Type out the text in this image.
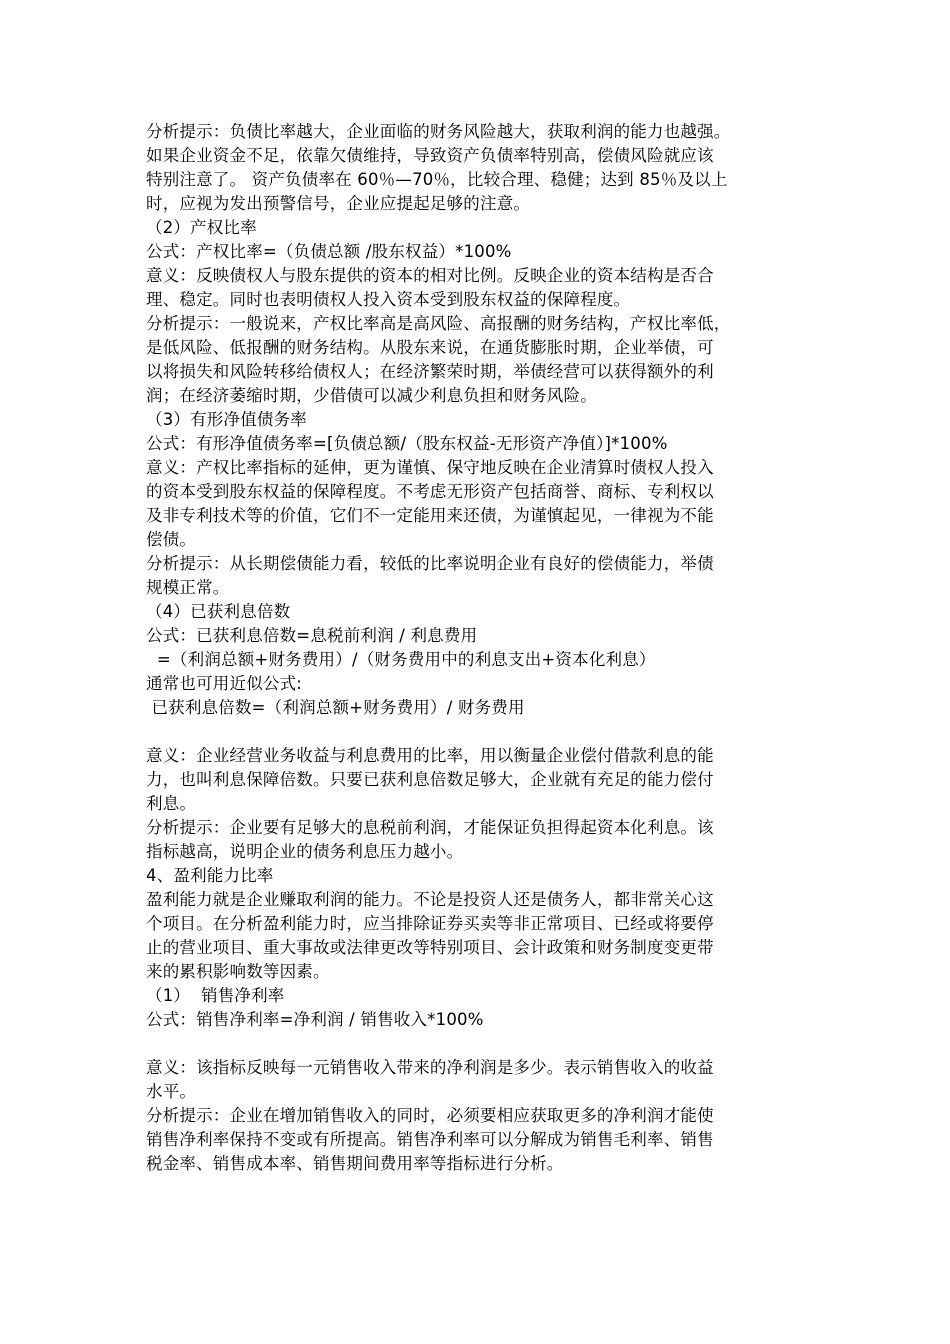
分析提示：负债比率越大，企业面临的财务风险越大，获取利润的能力也越强。
如果企业资金不足，依靠欠债维持，导致资产负债率特别高，偿债风险就应该
特别注意了。 资产负债率在 60％—70％，比较合理、稳健；达到 85％及以上
时，应视为发出预警信号，企业应提起足够的注意。
（2）产权比率
公式：产权比率=（负债总额 /股东权益）*100%
意义：反映债权人与股东提供的资本的相对比例。反映企业的资本结构是否合
理、稳定。同时也表明债权人投入资本受到股东权益的保障程度。
分析提示：一般说来，产权比率高是高风险、高报酬的财务结构，产权比率低，
是低风险、低报酬的财务结构。从股东来说，在通货膨胀时期，企业举债，可
以将损失和风险转移给债权人；在经济繁荣时期，举债经营可以获得额外的利
润；在经济萎缩时期，少借债可以减少利息负担和财务风险。
（3）有形净值债务率
公式：有形净值债务率=[负债总额/（股东权益-无形资产净值）]*100%
意义：产权比率指标的延伸，更为谨慎、保守地反映在企业清算时债权人投入
的资本受到股东权益的保障程度。不考虑无形资产包括商誉、商标、专利权以
及非专利技术等的价值，它们不一定能用来还债，为谨慎起见，一律视为不能
偿债。
分析提示：从长期偿债能力看，较低的比率说明企业有良好的偿债能力，举债
规模正常。
（4）已获利息倍数
公式：已获利息倍数=息税前利润 / 利息费用
=（利润总额+财务费用）/（财务费用中的利息支出+资本化利息）
通常也可用近似公式:
已获利息倍数=（利润总额+财务费用）/ 财务费用
意义：企业经营业务收益与利息费用的比率，用以衡量企业偿付借款利息的能
力，也叫利息保障倍数。只要已获利息倍数足够大，企业就有充足的能力偿付
利息。
分析提示：企业要有足够大的息税前利润，才能保证负担得起资本化利息。该
指标越高，说明企业的债务利息压力越小。
4、盈利能力比率
盈利能力就是企业赚取利润的能力。不论是投资人还是债务人，都非常关心这
个项目。在分析盈利能力时，应当排除证券买卖等非正常项目、已经或将要停
止的营业项目、重大事故或法律更改等特别项目、会计政策和财务制度变更带
来的累积影响数等因素。
（1）  销售净利率
公式：销售净利率=净利润 / 销售收入*100%
意义：该指标反映每一元销售收入带来的净利润是多少。表示销售收入的收益
水平。
分析提示：企业在增加销售收入的同时，必须要相应获取更多的净利润才能使
销售净利率保持不变或有所提高。销售净利率可以分解成为销售毛利率、销售
税金率、销售成本率、销售期间费用率等指标进行分析。
